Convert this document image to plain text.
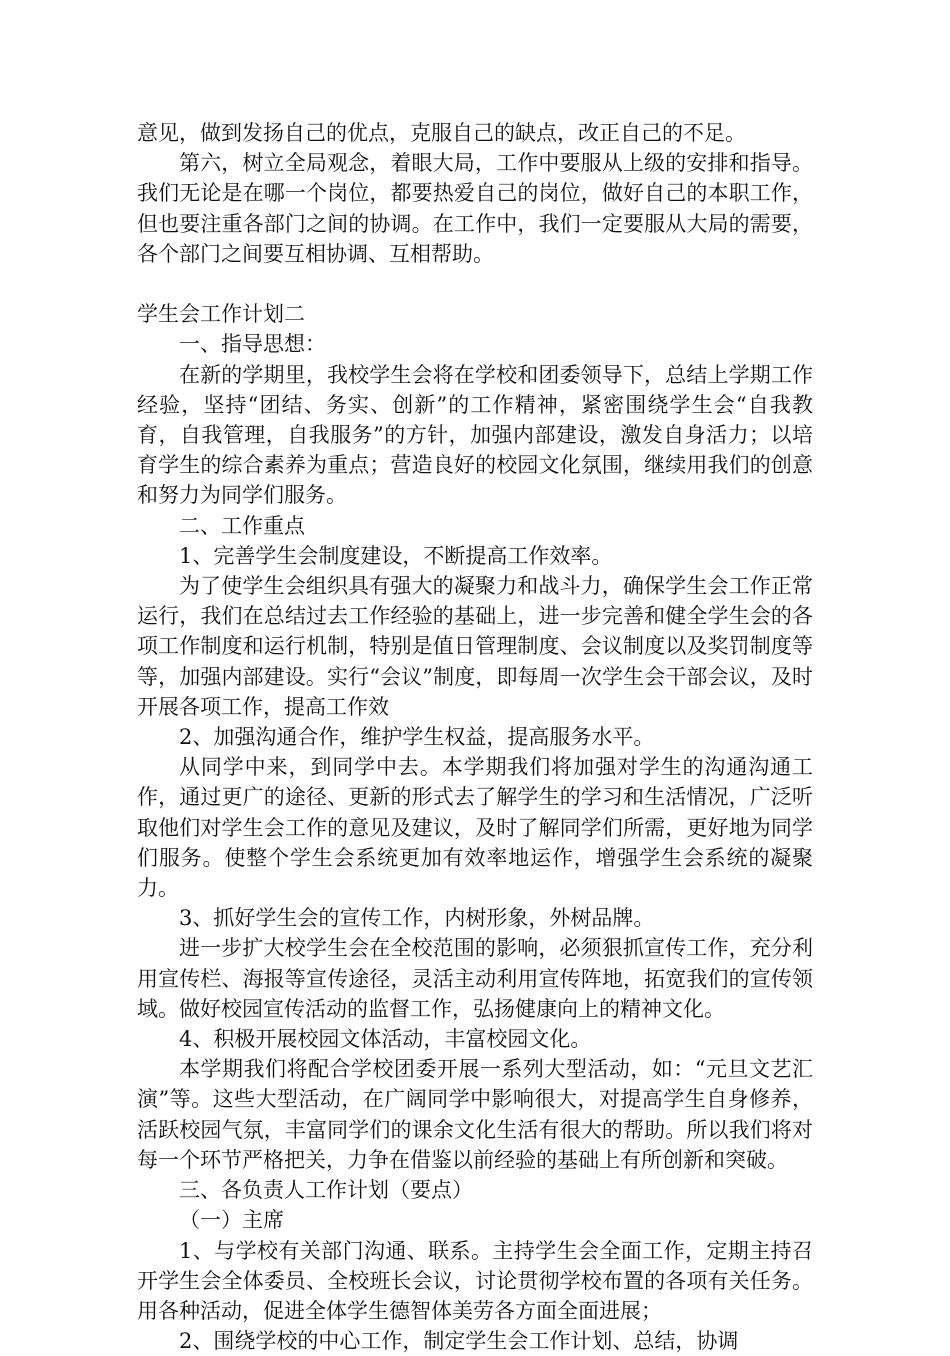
意见，做到发扬自己的优点，克服自己的缺点，改正自己的不足。

第六，树立全局观念，着眼大局，工作中要服从上级的安排和指导。我们无论是在哪一个岗位，都要热爱自己的岗位，做好自己的本职工作，但也要注重各部门之间的协调。在工作中，我们一定要服从大局的需要，各个部门之间要互相协调、互相帮助。

学生会工作计划二

一、指导思想：

在新的学期里，我校学生会将在学校和团委领导下，总结上学期工作经验，坚持“团结、务实、创新”的工作精神，紧密围绕学生会“自我教育，自我管理，自我服务”的方针，加强内部建设，激发自身活力；以培育学生的综合素养为重点；营造良好的校园文化氛围，继续用我们的创意和努力为同学们服务。

二、工作重点

1、完善学生会制度建设，不断提高工作效率。

为了使学生会组织具有强大的凝聚力和战斗力，确保学生会工作正常运行，我们在总结过去工作经验的基础上，进一步完善和健全学生会的各项工作制度和运行机制，特别是值日管理制度、会议制度以及奖罚制度等等，加强内部建设。实行“会议”制度，即每周一次学生会干部会议，及时开展各项工作，提高工作效

2、加强沟通合作，维护学生权益，提高服务水平。

从同学中来，到同学中去。本学期我们将加强对学生的沟通沟通工作，通过更广的途径、更新的形式去了解学生的学习和生活情况，广泛听取他们对学生会工作的意见及建议，及时了解同学们所需，更好地为同学们服务。使整个学生会系统更加有效率地运作，增强学生会系统的凝聚力。

3、抓好学生会的宣传工作，内树形象，外树品牌。

进一步扩大校学生会在全校范围的影响，必须狠抓宣传工作，充分利用宣传栏、海报等宣传途径，灵活主动利用宣传阵地，拓宽我们的宣传领域。做好校园宣传活动的监督工作，弘扬健康向上的精神文化。

4、积极开展校园文体活动，丰富校园文化。

本学期我们将配合学校团委开展一系列大型活动，如：“元旦文艺汇演”等。这些大型活动，在广阔同学中影响很大，对提高学生自身修养，活跃校园气氛，丰富同学们的课余文化生活有很大的帮助。所以我们将对每一个环节严格把关，力争在借鉴以前经验的基础上有所创新和突破。

三、各负责人工作计划（要点）

（一）主席

1、与学校有关部门沟通、联系。主持学生会全面工作，定期主持召开学生会全体委员、全校班长会议，讨论贯彻学校布置的各项有关任务。用各种活动，促进全体学生德智体美劳各方面全面进展；

2、围绕学校的中心工作，制定学生会工作计划、总结，协调
